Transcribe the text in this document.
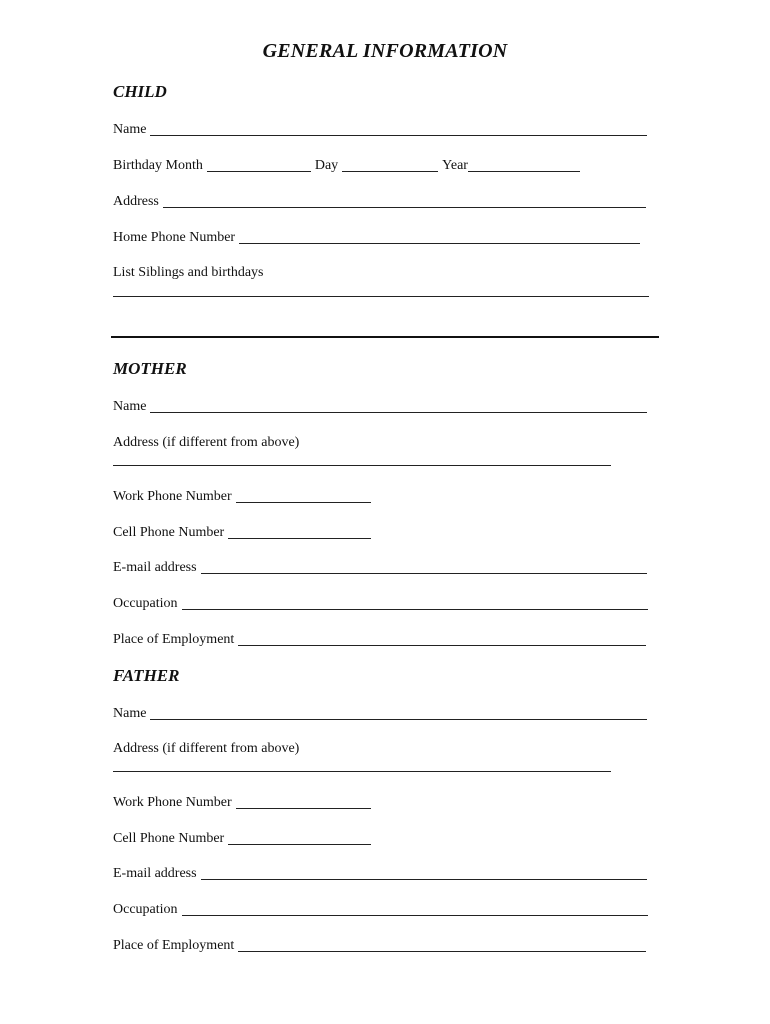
GENERAL INFORMATION
CHILD
Name
Birthday Month	Day	Year
Address
Home Phone Number
List Siblings and birthdays
MOTHER
Name
Address (if different from above)
Work Phone Number
Cell Phone Number
E-mail address
Occupation
Place of Employment
FATHER
Name
Address (if different from above)
Work Phone Number
Cell Phone Number
E-mail address
Occupation
Place of Employment
